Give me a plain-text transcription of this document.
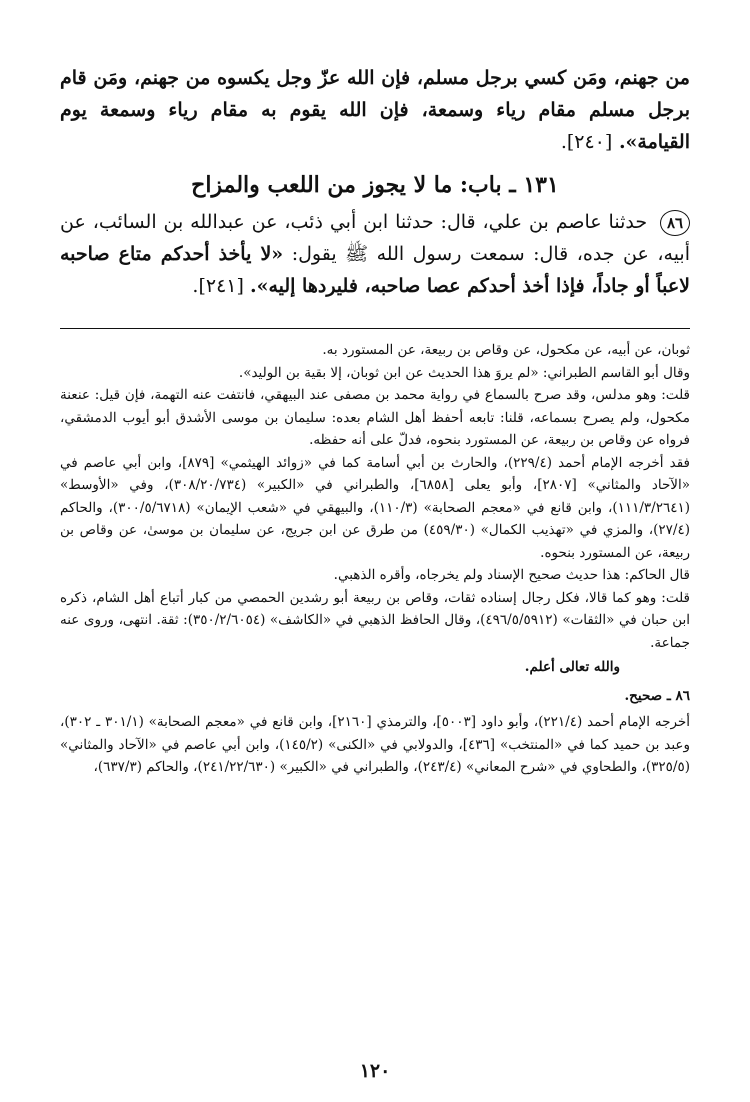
من جهنم، ومَن كسي برجل مسلم، فإن الله عزّ وجل يكسوه من جهنم، ومَن قام برجل مسلم مقام رياء وسمعة، فإن الله يقوم به مقام رياء وسمعة يوم القيامة». [٢٤٠].

١٣١ ـ باب: ما لا يجوز من اللعب والمزاح

٨٦ حدثنا عاصم بن علي، قال: حدثنا ابن أبي ذئب، عن عبدالله بن السائب، عن أبيه، عن جده، قال: سمعت رسول الله ﷺ يقول: «لا يأخذ أحدكم متاع صاحبه لاعباً أو جاداً، فإذا أخذ أحدكم عصا صاحبه، فليردها إليه». [٢٤١].

ثوبان، عن أبيه، عن مكحول، عن وقاص بن ربيعة، عن المستورد به.

وقال أبو القاسم الطبراني: «لم يروَ هذا الحديث عن ابن ثوبان، إلا بقية بن الوليد».

قلت: وهو مدلس، وقد صرح بالسماع في رواية محمد بن مصفى عند البيهقي، فانتفت عنه التهمة، فإن قيل: عنعنة مكحول، ولم يصرح بسماعه، قلنا: تابعه أحفظ أهل الشام بعده: سليمان بن موسى الأشدق أبو أيوب الدمشقي، فرواه عن وقاص بن ربيعة، عن المستورد بنحوه، فدلّ على أنه حفظه.

فقد أخرجه الإمام أحمد (٢٢٩/٤)، والحارث بن أبي أسامة كما في «زوائد الهيثمي» [٨٧٩]، وابن أبي عاصم في «الآحاد والمثاني» [٢٨٠٧]، وأبو يعلى [٦٨٥٨]، والطبراني في «الكبير» (٣٠٨/٢٠/٧٣٤)، وفي «الأوسط» (١١١/٣/٢٦٤١)، وابن قانع في «معجم الصحابة» (١١٠/٣)، والبيهقي في «شعب الإيمان» (٣٠٠/٥/٦٧١٨)، والحاكم (٢٧/٤)، والمزي في «تهذيب الكمال» (٤٥٩/٣٠) من طرق عن ابن جريج، عن سليمان بن موسىٰ، عن وقاص بن ربيعة، عن المستورد بنحوه.

قال الحاكم: هذا حديث صحيح الإسناد ولم يخرجاه، وأقره الذهبي.

قلت: وهو كما قالا، فكل رجال إسناده ثقات، وقاص بن ربيعة أبو رشدين الحمصي من كبار أتباع أهل الشام، ذكره ابن حبان في «الثقات» (٤٩٦/٥/٥٩١٢)، وقال الحافظ الذهبي في «الكاشف» (٣٥٠/٢/٦٠٥٤): ثقة. انتهى، وروى عنه جماعة.

والله تعالى أعلم.

٨٦ ـ صحيح.

أخرجه الإمام أحمد (٢٢١/٤)، وأبو داود [٥٠٠٣]، والترمذي [٢١٦٠]، وابن قانع في «معجم الصحابة» (٣٠١/١ ـ ٣٠٢)، وعبد بن حميد كما في «المنتخب» [٤٣٦]، والدولابي في «الكنى» (١٤٥/٢)، وابن أبي عاصم في «الآحاد والمثاني» (٣٢٥/٥)، والطحاوي في «شرح المعاني» (٢٤٣/٤)، والطبراني في «الكبير» (٢٤١/٢٢/٦٣٠)، والحاكم (٦٣٧/٣)،

١٢٠
